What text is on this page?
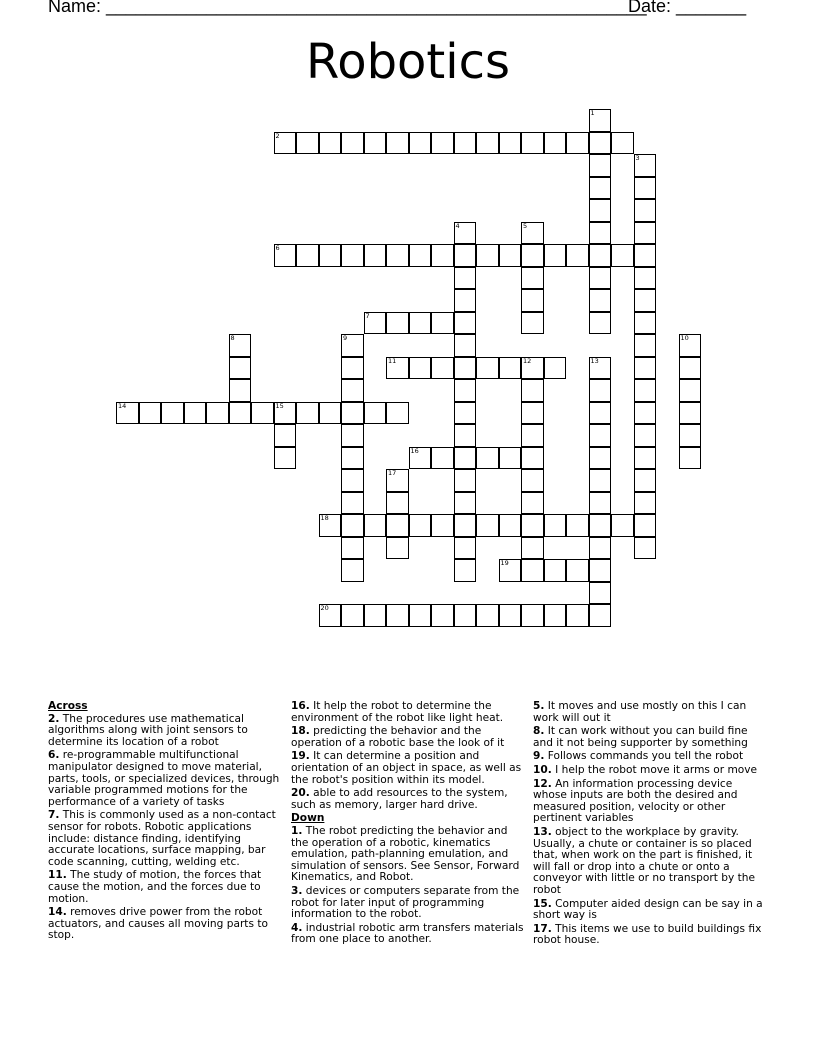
Name: ______________________________________________________
Date: _______
Robotics
1
2
3
4	5
6
7
8	9	10
11	12	13
14	15
16
17
18
19
20
Across
2. The procedures use mathematical algorithms along with joint sensors to determine its location of a robot
6. re-programmable multifunctional manipulator designed to move material, parts, tools, or specialized devices, through variable programmed motions for the performance of a variety of tasks
7. This is commonly used as a non-contact sensor for robots. Robotic applications include: distance finding, identifying accurate locations, surface mapping, bar code scanning, cutting, welding etc.
11. The study of motion, the forces that cause the motion, and the forces due to motion.
14. removes drive power from the robot actuators, and causes all moving parts to stop.
16. It help the robot to determine the environment of the robot like light heat.
18. predicting the behavior and the operation of a robotic base the look of it
19. It can determine a position and orientation of an object in space, as well as the robot's position within its model.
20. able to add resources to the system, such as memory, larger hard drive.
Down
1. The robot predicting the behavior and the operation of a robotic, kinematics emulation, path-planning emulation, and simulation of sensors. See Sensor, Forward Kinematics, and Robot.
3. devices or computers separate from the robot for later input of programming information to the robot.
4. industrial robotic arm transfers materials from one place to another.
5. It moves and use mostly on this I can work will out it
8. It can work without you can build fine and it not being supporter by something
9. Follows commands you tell the robot
10. I help the robot move it arms or move
12. An information processing device whose inputs are both the desired and measured position, velocity or other pertinent variables
13. object to the workplace by gravity. Usually, a chute or container is so placed that, when work on the part is finished, it will fall or drop into a chute or onto a conveyor with little or no transport by the robot
15. Computer aided design can be say in a short way is
17. This items we use to build buildings fix robot house.
